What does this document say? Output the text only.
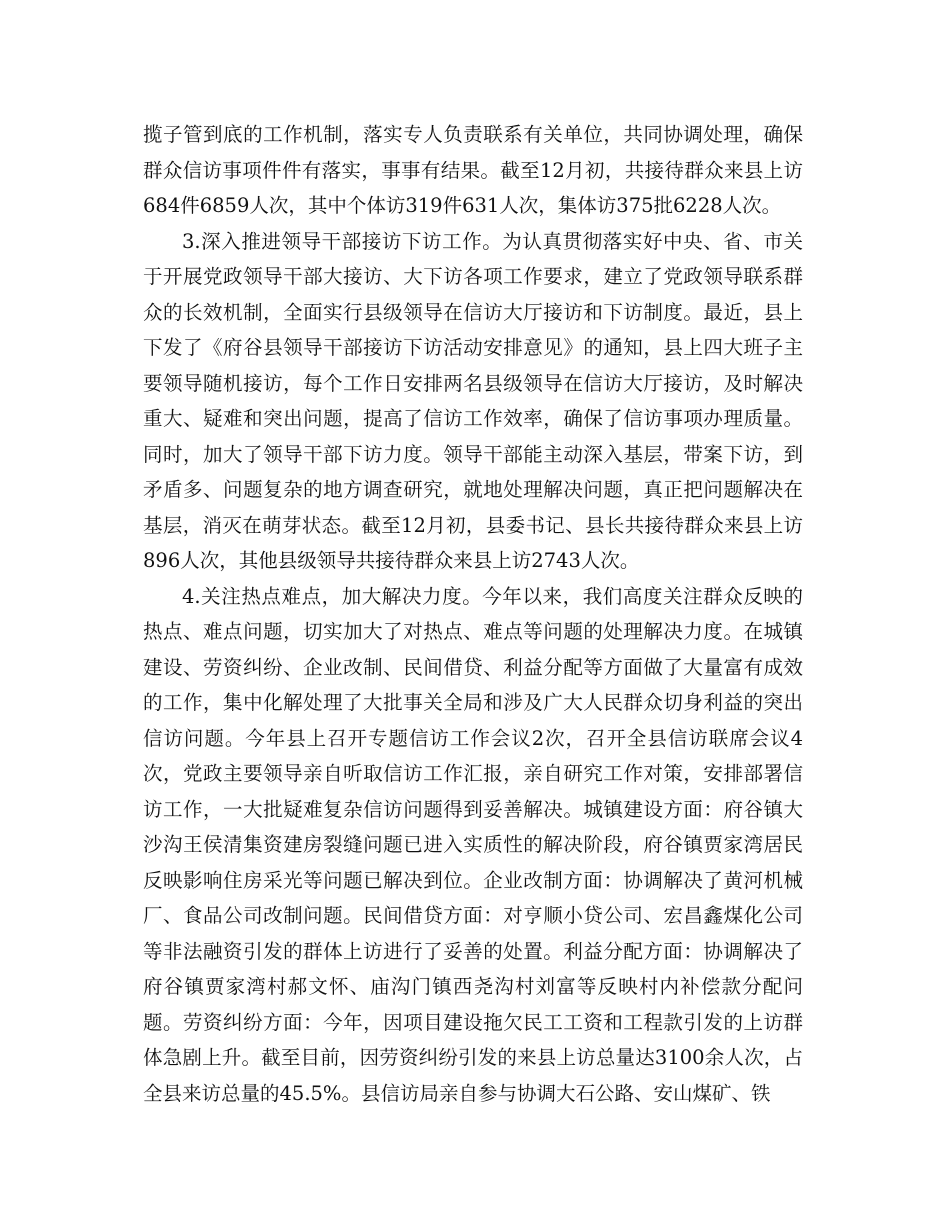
揽子管到底的工作机制，落实专人负责联系有关单位，共同协调处理，确保群众信访事项件件有落实，事事有结果。截至12月初，共接待群众来县上访684件6859人次，其中个体访319件631人次，集体访375批6228人次。

3.深入推进领导干部接访下访工作。为认真贯彻落实好中央、省、市关于开展党政领导干部大接访、大下访各项工作要求，建立了党政领导联系群众的长效机制，全面实行县级领导在信访大厅接访和下访制度。最近，县上下发了《府谷县领导干部接访下访活动安排意见》的通知，县上四大班子主要领导随机接访，每个工作日安排两名县级领导在信访大厅接访，及时解决重大、疑难和突出问题，提高了信访工作效率，确保了信访事项办理质量。同时，加大了领导干部下访力度。领导干部能主动深入基层，带案下访，到矛盾多、问题复杂的地方调查研究，就地处理解决问题，真正把问题解决在基层，消灭在萌芽状态。截至12月初，县委书记、县长共接待群众来县上访896人次，其他县级领导共接待群众来县上访2743人次。

4.关注热点难点，加大解决力度。今年以来，我们高度关注群众反映的热点、难点问题，切实加大了对热点、难点等问题的处理解决力度。在城镇建设、劳资纠纷、企业改制、民间借贷、利益分配等方面做了大量富有成效的工作，集中化解处理了大批事关全局和涉及广大人民群众切身利益的突出信访问题。今年县上召开专题信访工作会议2次，召开全县信访联席会议4次，党政主要领导亲自听取信访工作汇报，亲自研究工作对策，安排部署信访工作，一大批疑难复杂信访问题得到妥善解决。城镇建设方面：府谷镇大沙沟王侯清集资建房裂缝问题已进入实质性的解决阶段，府谷镇贾家湾居民反映影响住房采光等问题已解决到位。企业改制方面：协调解决了黄河机械厂、食品公司改制问题。民间借贷方面：对亨顺小贷公司、宏昌鑫煤化公司等非法融资引发的群体上访进行了妥善的处置。利益分配方面：协调解决了府谷镇贾家湾村郝文怀、庙沟门镇西尧沟村刘富等反映村内补偿款分配问题。劳资纠纷方面：今年，因项目建设拖欠民工工资和工程款引发的上访群体急剧上升。截至目前，因劳资纠纷引发的来县上访总量达3100余人次，占全县来访总量的45.5%。县信访局亲自参与协调大石公路、安山煤矿、铁
